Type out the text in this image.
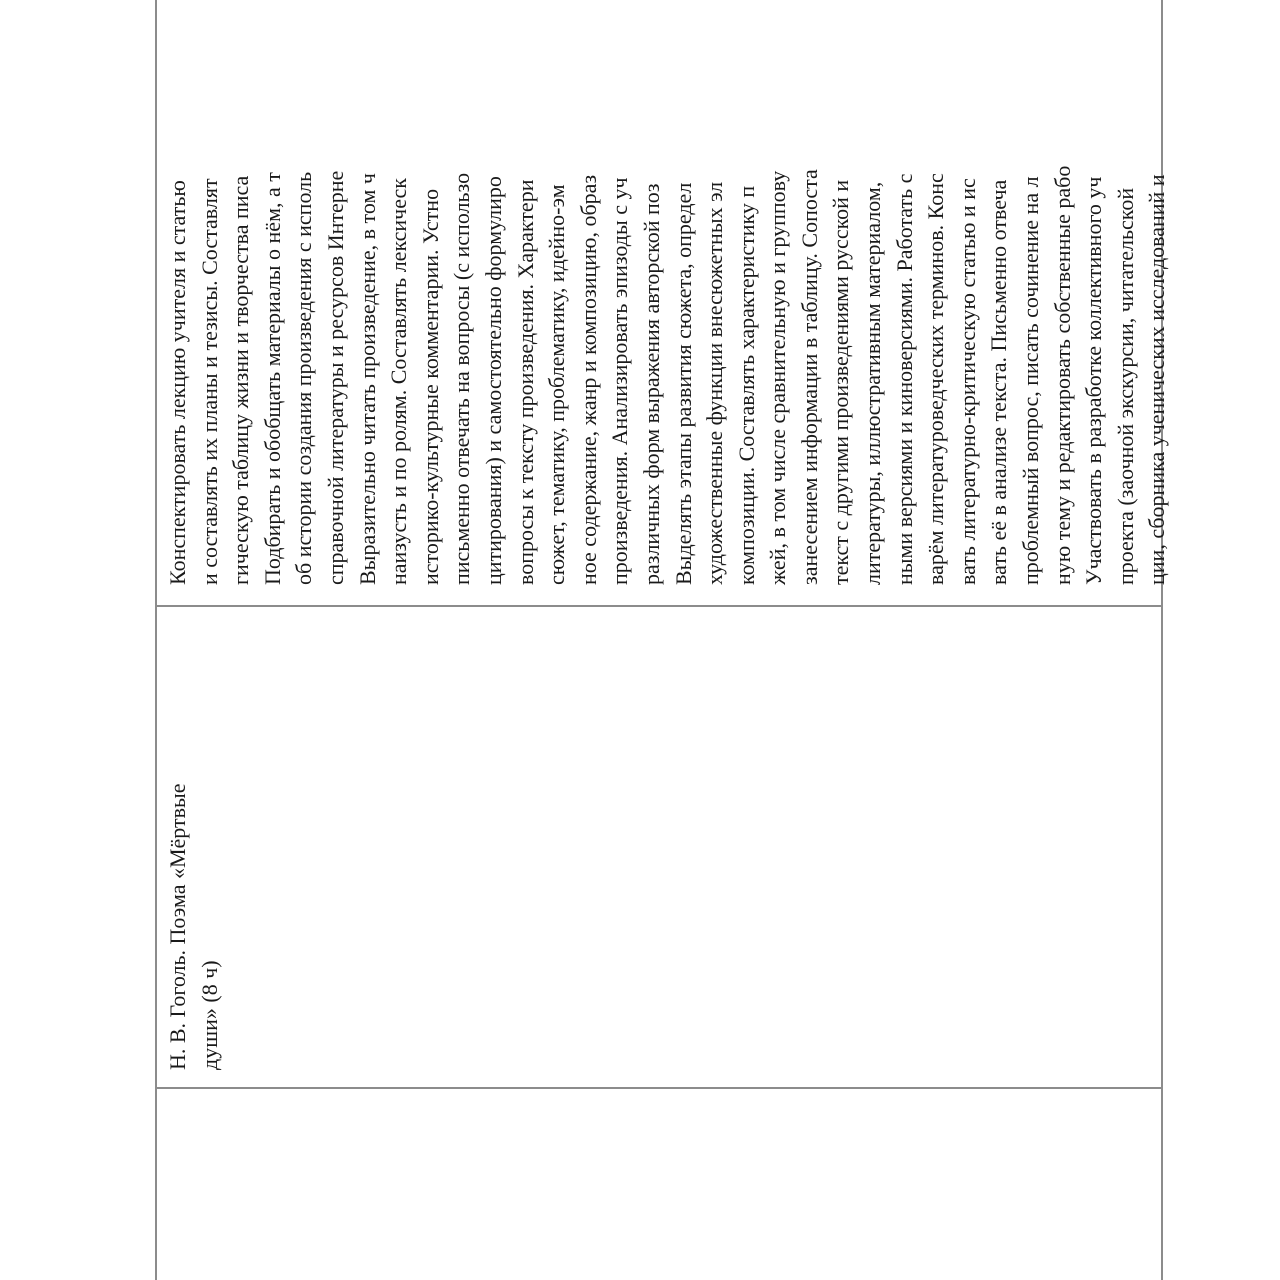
Конспектировать лекцию учителя и статью и составлять их планы и тезисы. Составлят гическую таблицу жизни и творчества писа Подбирать и обобщать материалы о нём, а т об истории создания произведения с исполь справочной литературы и ресурсов Интерне Выразительно читать произведение, в том ч наизусть и по ролям. Составлять лексическ историко-культурные комментарии. Устно письменно отвечать на вопросы (с использо цитирования) и самостоятельно формулиро вопросы к тексту произведения. Характери сюжет, тематику, проблематику, идейно-эм ное содержание, жанр и композицию, образ произведения. Анализировать эпизоды с уч различных форм выражения авторской поз Выделять этапы развития сюжета, определ художественные функции внесюжетных эл композиции. Составлять характеристику п жей, в том числе сравнительную и группову занесением информации в таблицу. Сопоста текст с другими произведениями русской и литературы, иллюстративным материалом, ными версиями и киноверсиями. Работать с варём литературоведческих терминов. Конс вать литературно-критическую статью и ис вать её в анализе текста. Письменно отвеча проблемный вопрос, писать сочинение на л ную тему и редактировать собственные рабо Участвовать в разработке коллективного уч проекта (заочной экскурсии, читательской ции, сборника ученических исследований и
Н. В. Гоголь. Поэма «Мёртвые души» (8 ч)
